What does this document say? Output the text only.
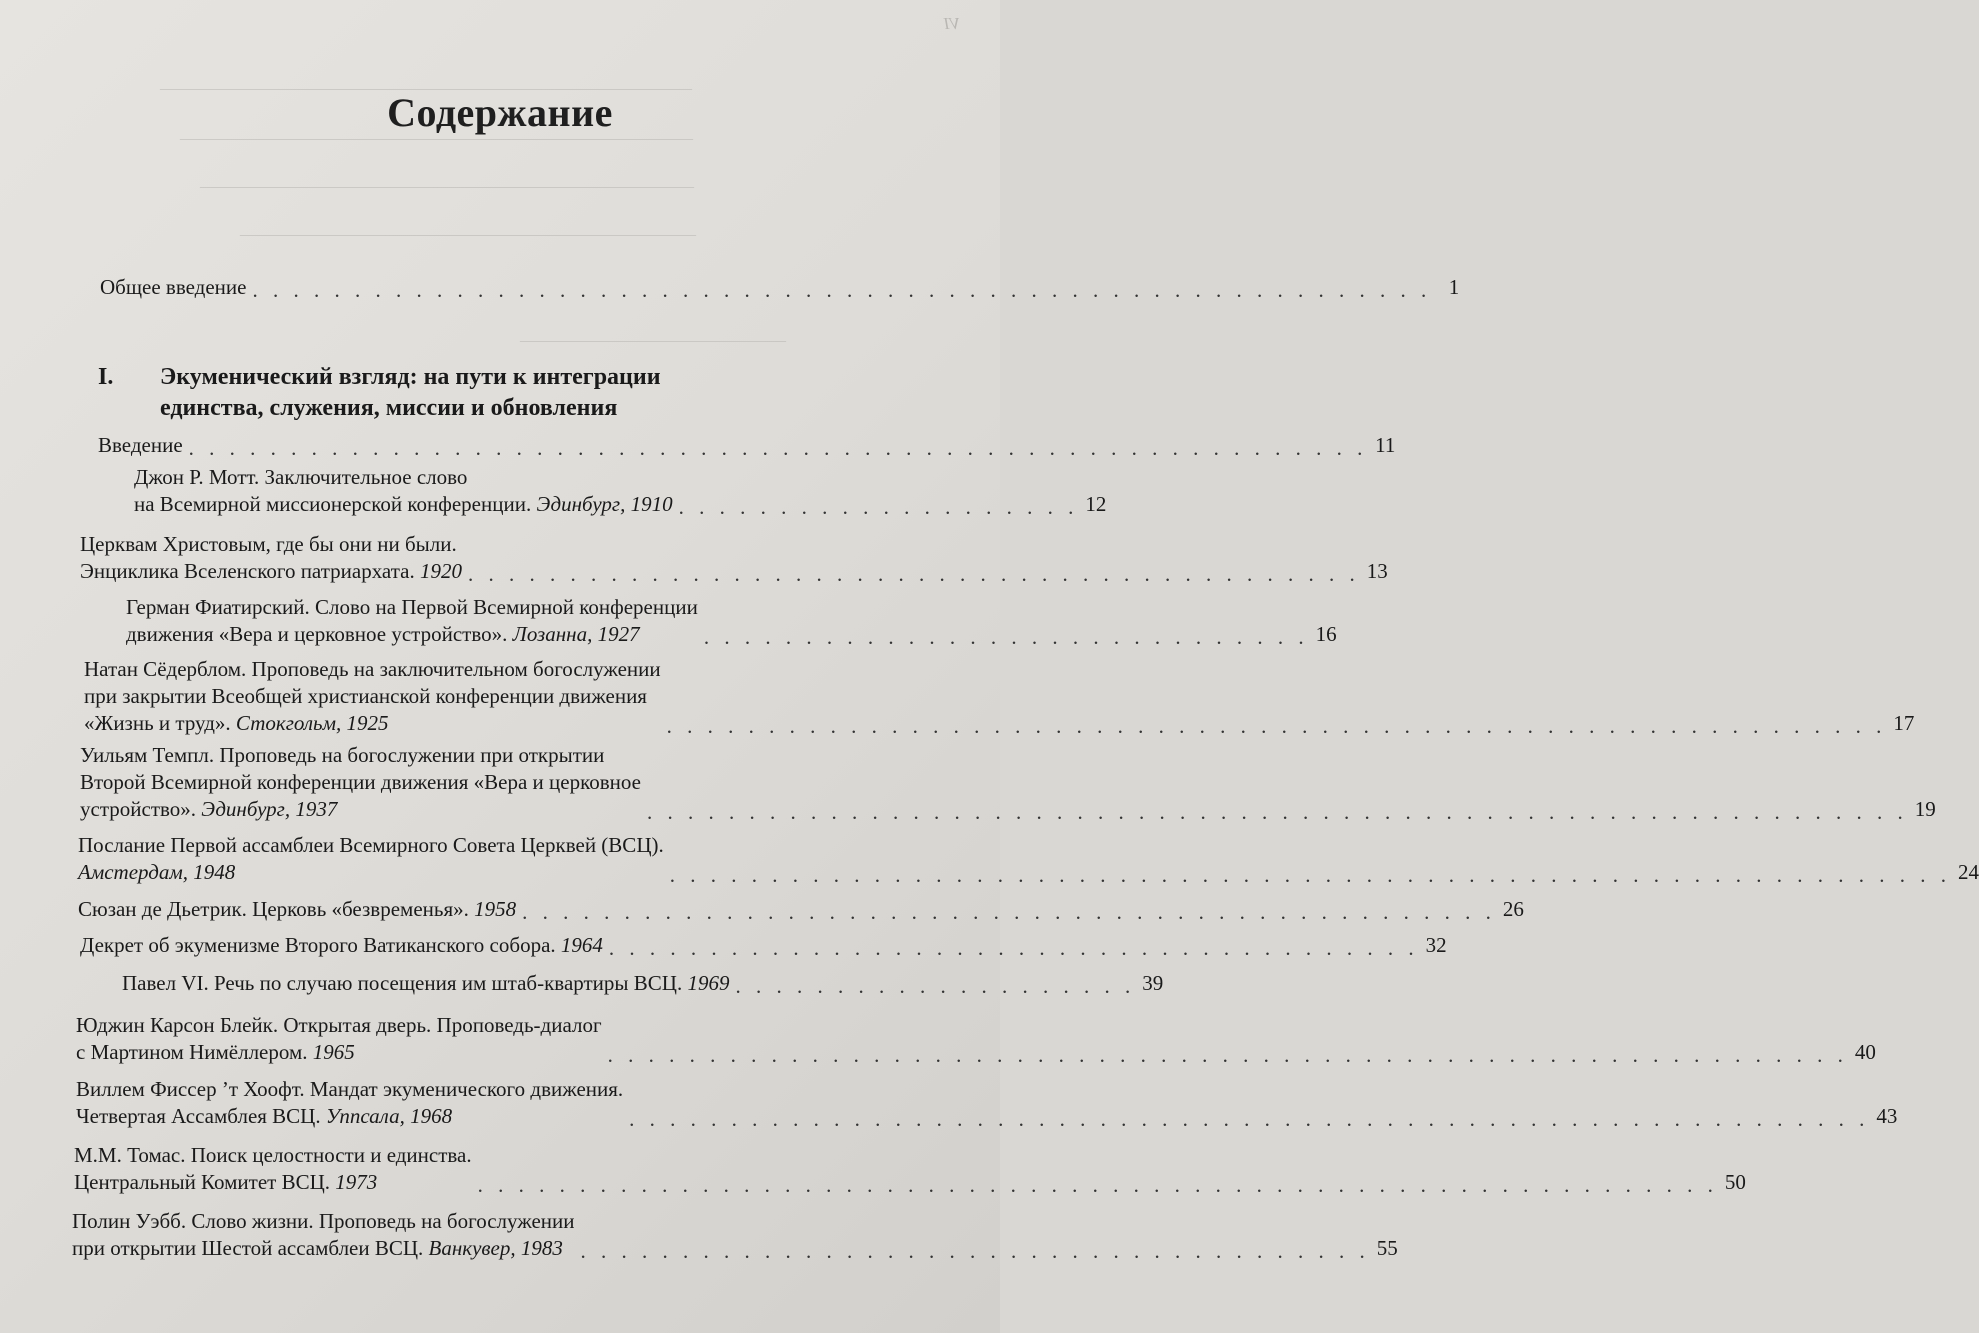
VI
————————————————————————————
———————————————————————————
——————————————————————————
————————————————————————
——————————————
Содержание
Общее введение . . . . . . . . . . . . . . . . . . . . . . . . . . . . . . . . . . . . . . . . . . . . . . . . . . . . . . . . . . 1
I. Экуменический взгляд: на пути к интеграции
единства, служения, миссии и обновления
Введение . . . . . . . . . . . . . . . . . . . . . . . . . . . . . . . . . . . . . . . . . . . . . . . . . . . . . . . . . . 11
Джон Р. Мотт. Заключительное слово
на Всемирной миссионерской конференции. Эдинбург, 1910 . . . . . . . . . . . . . . . . . . . . 12
Церквам Христовым, где бы они ни были.
Энциклика Вселенского патриархата. 1920 . . . . . . . . . . . . . . . . . . . . . . . . . . . . . . . . . . . . . . . . . . . . 13
Герман Фиатирский. Слово на Первой Всемирной конференции
движения «Вера и церковное устройство». Лозанна, 1927	. . . . . . . . . . . . . . . . . . . . . . . . . . . . . . 16
Натан Сёдерблом. Проповедь на заключительном богослужении
при закрытии Всеобщей христианской конференции движения
«Жизнь и труд». Стокгольм, 1925	. . . . . . . . . . . . . . . . . . . . . . . . . . . . . . . . . . . . . . . . . . . . . . . . . . . . . . . . . . . . 17
Уильям Темпл. Проповедь на богослужении при открытии
Второй Всемирной конференции движения «Вера и церковное
устройство». Эдинбург, 1937	. . . . . . . . . . . . . . . . . . . . . . . . . . . . . . . . . . . . . . . . . . . . . . . . . . . . . . . . . . . . . . 19
Послание Первой ассамблеи Всемирного Совета Церквей (ВСЦ).
Амстердам, 1948	. . . . . . . . . . . . . . . . . . . . . . . . . . . . . . . . . . . . . . . . . . . . . . . . . . . . . . . . . . . . . . . 24
Сюзан де Дьетрик. Церковь «безвременья». 1958 . . . . . . . . . . . . . . . . . . . . . . . . . . . . . . . . . . . . . . . . . . . . . . . . 26
Декрет об экуменизме Второго Ватиканского собора. 1964 . . . . . . . . . . . . . . . . . . . . . . . . . . . . . . . . . . . . . . . . 32
Павел VI. Речь по случаю посещения им штаб-квартиры ВСЦ. 1969 . . . . . . . . . . . . . . . . . . . . 39
Юджин Карсон Блейк. Открытая дверь. Проповедь-диалог
с Мартином Нимёллером. 1965	. . . . . . . . . . . . . . . . . . . . . . . . . . . . . . . . . . . . . . . . . . . . . . . . . . . . . . . . . . . . . 40
Виллем Фиссер ’т Хоофт. Мандат экуменического движения.
Четвертая Ассамблея ВСЦ. Уппсала, 1968	. . . . . . . . . . . . . . . . . . . . . . . . . . . . . . . . . . . . . . . . . . . . . . . . . . . . . . . . . . . . . 43
М.М. Томас. Поиск целостности и единства.
Центральный Комитет ВСЦ. 1973	. . . . . . . . . . . . . . . . . . . . . . . . . . . . . . . . . . . . . . . . . . . . . . . . . . . . . . . . . . . . . 50
Полин Уэбб. Слово жизни. Проповедь на богослужении
при открытии Шестой ассамблеи ВСЦ. Ванкувер, 1983 . . . . . . . . . . . . . . . . . . . . . . . . . . . . . . . . . . . . . . . 55
